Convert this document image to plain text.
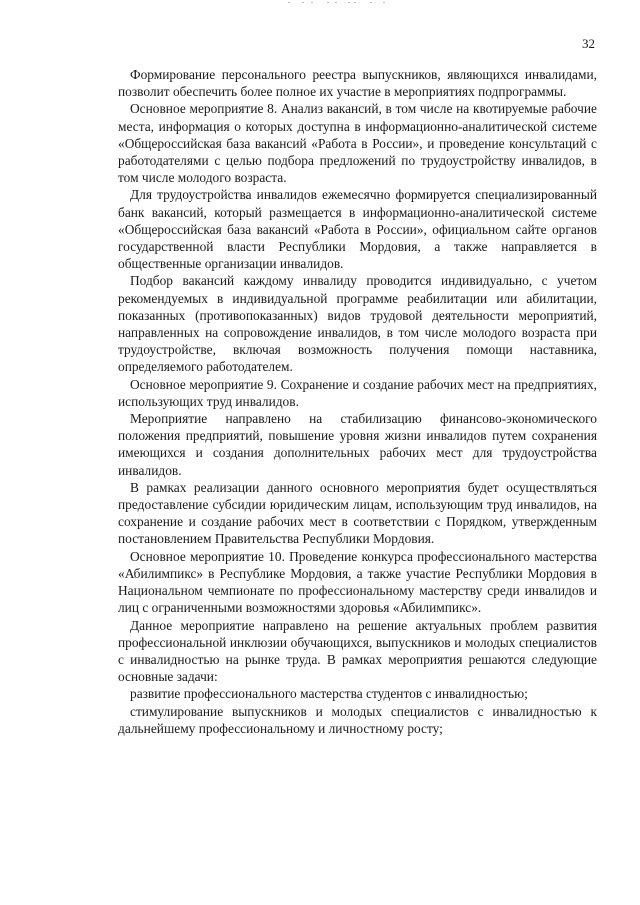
32

Формирование персонального реестра выпускников, являющихся инвалидами, позволит обеспечить более полное их участие в мероприятиях подпрограммы.

Основное мероприятие 8. Анализ вакансий, в том числе на квотируемые рабочие места, информация о которых доступна в информационно-аналитической системе «Общероссийская база вакансий «Работа в России», и проведение консультаций с работодателями с целью подбора предложений по трудоустройству инвалидов, в том числе молодого возраста.

Для трудоустройства инвалидов ежемесячно формируется специализированный банк вакансий, который размещается в информационно-аналитической системе «Общероссийская база вакансий «Работа в России», официальном сайте органов государственной власти Республики Мордовия, а также направляется в общественные организации инвалидов.

Подбор вакансий каждому инвалиду проводится индивидуально, с учетом рекомендуемых в индивидуальной программе реабилитации или абилитации, показанных (противопоказанных) видов трудовой деятельности мероприятий, направленных на сопровождение инвалидов, в том числе молодого возраста при трудоустройстве, включая возможность получения помощи наставника, определяемого работодателем.

Основное мероприятие 9. Сохранение и создание рабочих мест на предприятиях, использующих труд инвалидов.

Мероприятие направлено на стабилизацию финансово-экономического положения предприятий, повышение уровня жизни инвалидов путем сохранения имеющихся и создания дополнительных рабочих мест для трудоустройства инвалидов.

В рамках реализации данного основного мероприятия будет осуществляться предоставление субсидии юридическим лицам, использующим труд инвалидов, на сохранение и создание рабочих мест в соответствии с Порядком, утвержденным постановлением Правительства Республики Мордовия.

Основное мероприятие 10. Проведение конкурса профессионального мастерства «Абилимпикс» в Республике Мордовия, а также участие Республики Мордовия в Национальном чемпионате по профессиональному мастерству среди инвалидов и лиц с ограниченными возможностями здоровья «Абилимпикс».

Данное мероприятие направлено на решение актуальных проблем развития профессиональной инклюзии обучающихся, выпускников и молодых специалистов с инвалидностью на рынке труда. В рамках мероприятия решаются следующие основные задачи:

развитие профессионального мастерства студентов с инвалидностью;

стимулирование выпускников и молодых специалистов с инвалидностью к дальнейшему профессиональному и личностному росту;
